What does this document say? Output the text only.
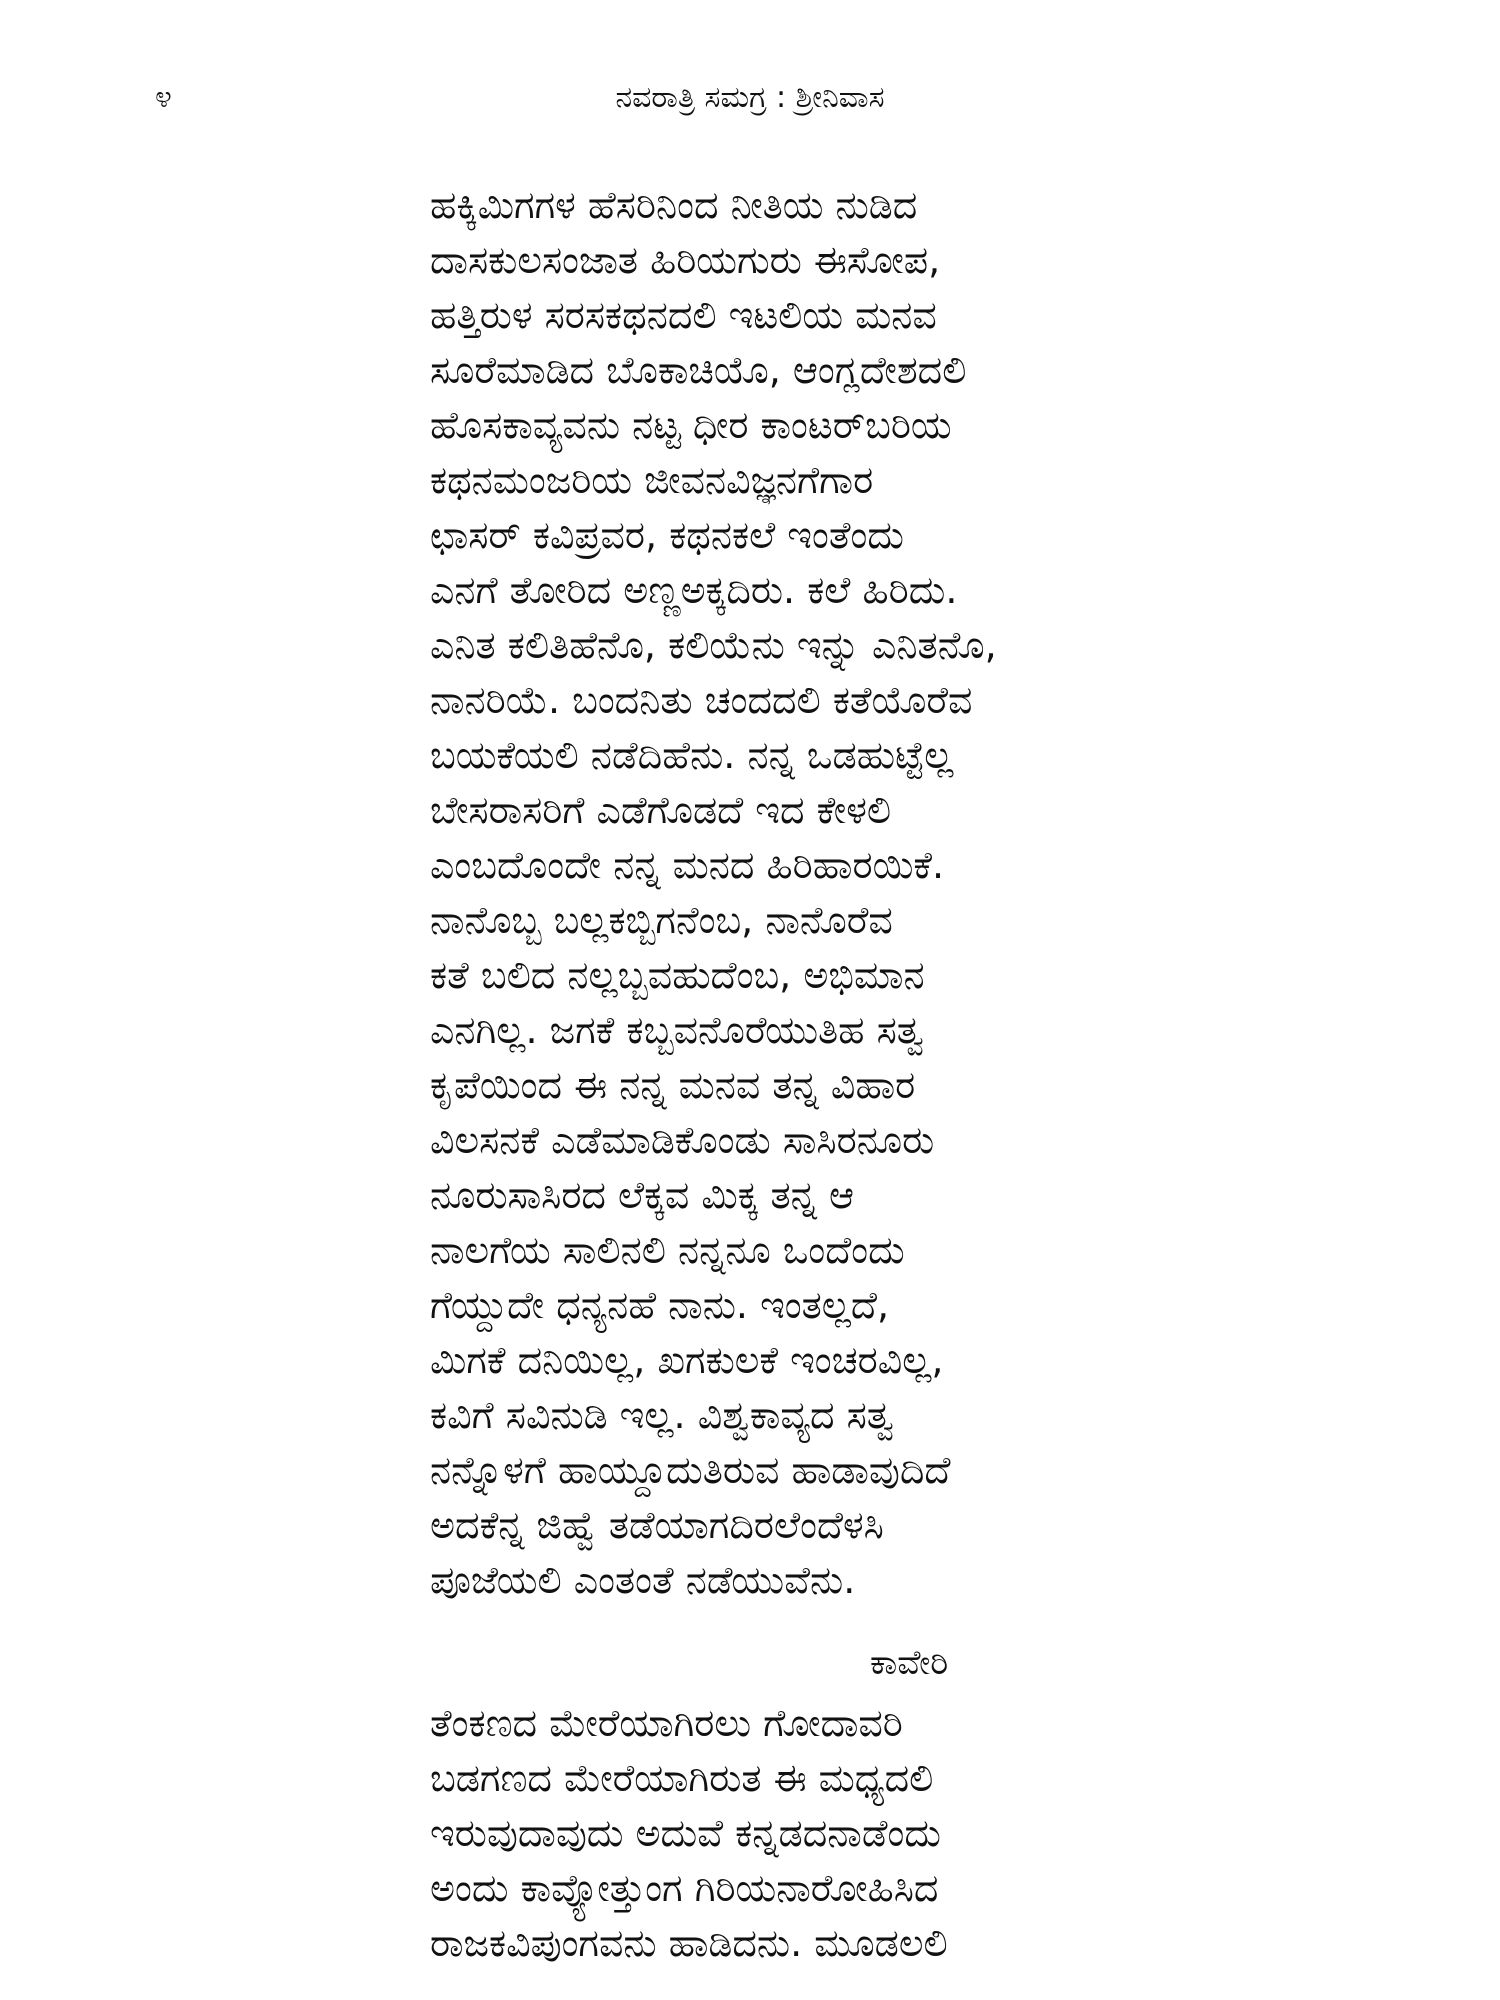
೪	ನವರಾತ್ರಿ ಸಮಗ್ರ : ಶ್ರೀನಿವಾಸ
ಹಕ್ಕಿಮಿಗಗಳ ಹೆಸರಿನಿಂದ ನೀತಿಯ ನುಡಿದ
ದಾಸಕುಲಸಂಜಾತ ಹಿರಿಯಗುರು ಈಸೋಪ,
ಹತ್ತಿರುಳ ಸರಸಕಥನದಲಿ ಇಟಲಿಯ ಮನವ
ಸೂರೆಮಾಡಿದ ಬೊಕಾಚಿಯೊ, ಆಂಗ್ಲದೇಶದಲಿ
ಹೊಸಕಾವ್ಯವನು ನಟ್ಟ ಧೀರ ಕಾಂಟರ್‌ಬರಿಯ
ಕಥನಮಂಜರಿಯ ಜೀವನವಿಜ್ಞನಗೆಗಾರ
ಛಾಸರ್ ಕವಿಪ್ರವರ, ಕಥನಕಲೆ ಇಂತೆಂದು
ಎನಗೆ ತೋರಿದ ಅಣ್ಣಅಕ್ಕದಿರು. ಕಲೆ ಹಿರಿದು.
ಎನಿತ ಕಲಿತಿಹೆನೊ, ಕಲಿಯೆನು ಇನ್ನು ಎನಿತನೊ,
ನಾನರಿಯೆ. ಬಂದನಿತು ಚಂದದಲಿ ಕತೆಯೊರೆವ
ಬಯಕೆಯಲಿ ನಡೆದಿಹೆನು. ನನ್ನ ಒಡಹುಟ್ಟೆಲ್ಲ
ಬೇಸರಾಸರಿಗೆ ಎಡೆಗೊಡದೆ ಇದ ಕೇಳಲಿ
ಎಂಬದೊಂದೇ ನನ್ನ ಮನದ ಹಿರಿಹಾರಯಿಕೆ.
ನಾನೊಬ್ಬ ಬಲ್ಲಕಬ್ಬಿಗನೆಂಬ, ನಾನೊರೆವ
ಕತೆ ಬಲಿದ ನಲ್ಲಬ್ಬವಹುದೆಂಬ, ಅಭಿಮಾನ
ಎನಗಿಲ್ಲ. ಜಗಕೆ ಕಬ್ಬವನೊರೆಯುತಿಹ ಸತ್ವ
ಕೃಪೆಯಿಂದ ಈ ನನ್ನ ಮನವ ತನ್ನ ವಿಹಾರ
ವಿಲಸನಕೆ ಎಡೆಮಾಡಿಕೊಂಡು ಸಾಸಿರನೂರು
ನೂರುಸಾಸಿರದ ಲೆಕ್ಕವ ಮಿಕ್ಕ ತನ್ನ ಆ
ನಾಲಗೆಯ ಸಾಲಿನಲಿ ನನ್ನನೂ ಒಂದೆಂದು
ಗೆಯ್ದುದೇ ಧನ್ಯನಹೆ ನಾನು. ಇಂತಲ್ಲದೆ,
ಮಿಗಕೆ ದನಿಯಿಲ್ಲ, ಖಗಕುಲಕೆ ಇಂಚರವಿಲ್ಲ,
ಕವಿಗೆ ಸವಿನುಡಿ ಇಲ್ಲ. ವಿಶ್ವಕಾವ್ಯದ ಸತ್ವ
ನನ್ನೊಳಗೆ ಹಾಯ್ದೂದುತಿರುವ ಹಾಡಾವುದಿದೆ
ಅದಕೆನ್ನ ಜಿಹ್ವೆ ತಡೆಯಾಗದಿರಲೆಂದೆಳಸಿ
ಪೂಜೆಯಲಿ ಎಂತಂತೆ ನಡೆಯುವೆನು.
ಕಾವೇರಿ
ತೆಂಕಣದ ಮೇರೆಯಾಗಿರಲು ಗೋದಾವರಿ
ಬಡಗಣದ ಮೇರೆಯಾಗಿರುತ ಈ ಮಧ್ಯದಲಿ
ಇರುವುದಾವುದು ಅದುವೆ ಕನ್ನಡದನಾಡೆಂದು
ಅಂದು ಕಾವ್ಯೋತ್ತುಂಗ ಗಿರಿಯನಾರೋಹಿಸಿದ
ರಾಜಕವಿಪುಂಗವನು ಹಾಡಿದನು. ಮೂಡಲಲಿ
